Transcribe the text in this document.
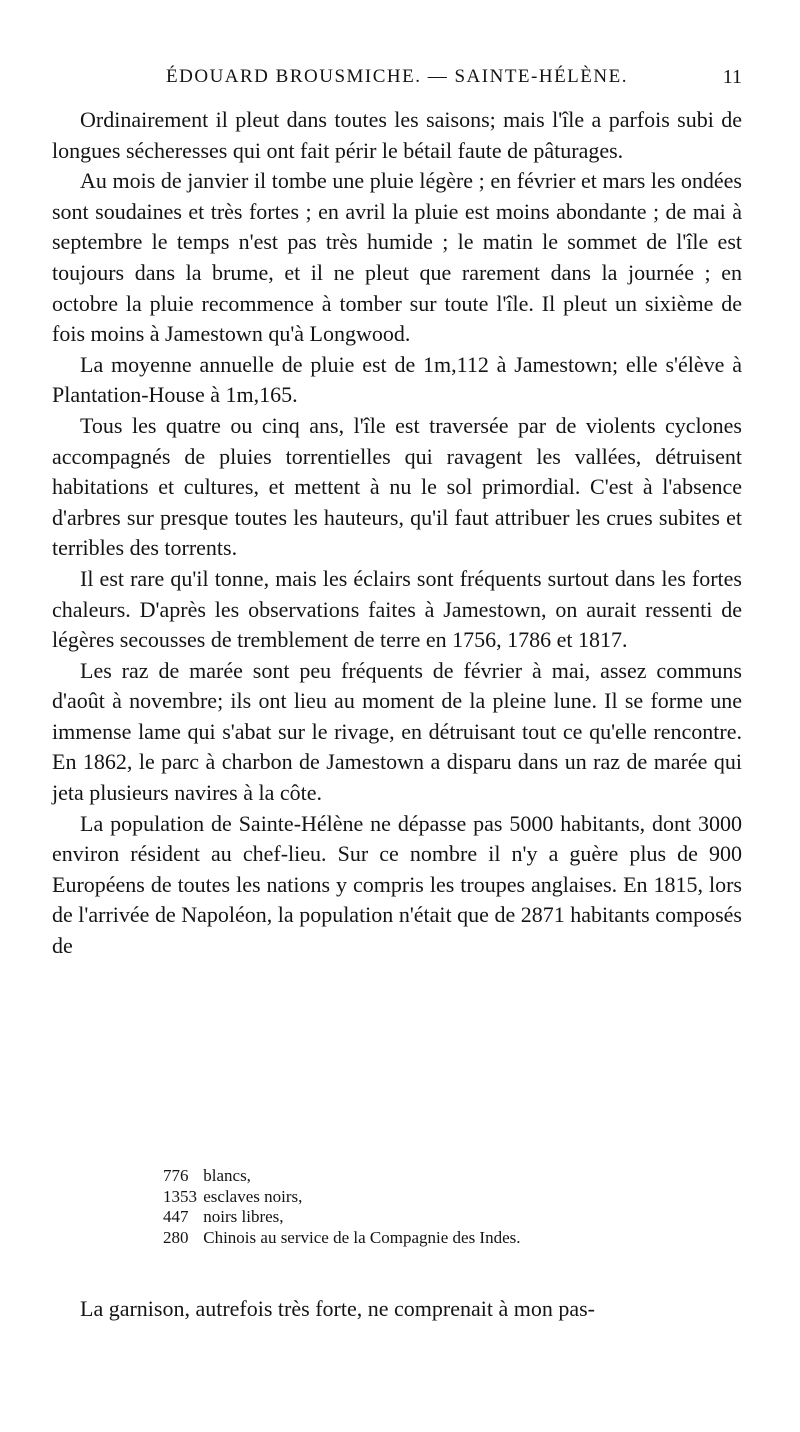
ÉDOUARD BROUSMICHE. — SAINTE-HÉLÈNE.	11

Ordinairement il pleut dans toutes les saisons; mais l'île a parfois subi de longues sécheresses qui ont fait périr le bétail faute de pâturages.

Au mois de janvier il tombe une pluie légère ; en février et mars les ondées sont soudaines et très fortes ; en avril la pluie est moins abondante ; de mai à septembre le temps n'est pas très humide ; le matin le sommet de l'île est toujours dans la brume, et il ne pleut que rarement dans la journée ; en octobre la pluie recommence à tomber sur toute l'île. Il pleut un sixième de fois moins à Jamestown qu'à Longwood.

La moyenne annuelle de pluie est de 1m,112 à Jamestown; elle s'élève à Plantation-House à 1m,165.

Tous les quatre ou cinq ans, l'île est traversée par de violents cyclones accompagnés de pluies torrentielles qui ravagent les vallées, détruisent habitations et cultures, et mettent à nu le sol primordial. C'est à l'absence d'arbres sur presque toutes les hauteurs, qu'il faut attribuer les crues subites et terribles des torrents.

Il est rare qu'il tonne, mais les éclairs sont fréquents surtout dans les fortes chaleurs. D'après les observations faites à Jamestown, on aurait ressenti de légères secousses de tremblement de terre en 1756, 1786 et 1817.

Les raz de marée sont peu fréquents de février à mai, assez communs d'août à novembre; ils ont lieu au moment de la pleine lune. Il se forme une immense lame qui s'abat sur le rivage, en détruisant tout ce qu'elle rencontre. En 1862, le parc à charbon de Jamestown a disparu dans un raz de marée qui jeta plusieurs navires à la côte.

La population de Sainte-Hélène ne dépasse pas 5000 habitants, dont 3000 environ résident au chef-lieu. Sur ce nombre il n'y a guère plus de 900 Européens de toutes les nations y compris les troupes anglaises. En 1815, lors de l'arrivée de Napoléon, la population n'était que de 2871 habitants composés de

776 blancs,

1353 esclaves noirs,

447 noirs libres,

280 Chinois au service de la Compagnie des Indes.

La garnison, autrefois très forte, ne comprenait à mon pas-
